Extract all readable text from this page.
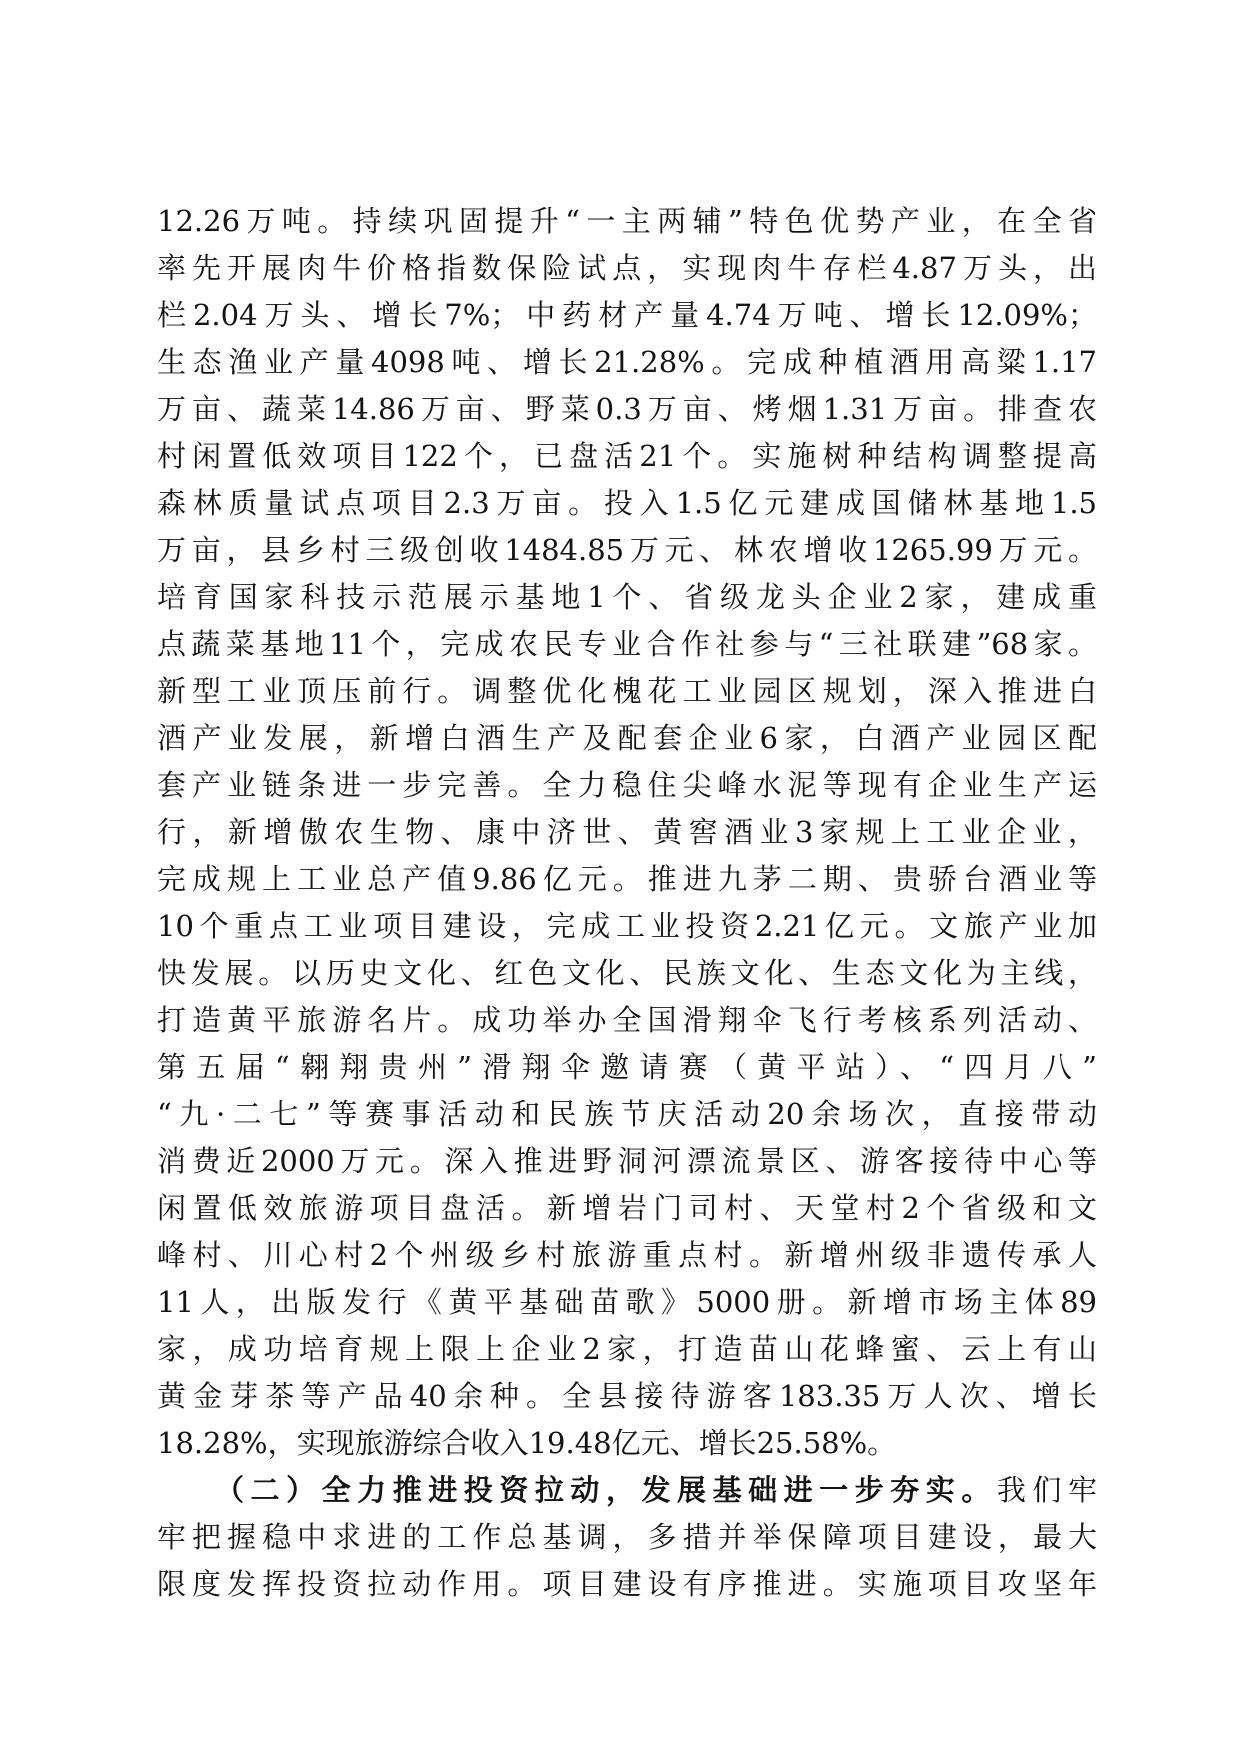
12.26万吨。持续巩固提升“一主两辅”特色优势产业，在全省
率先开展肉牛价格指数保险试点，实现肉牛存栏4.87万头，出
栏2.04万头、增长7%；中药材产量4.74万吨、增长12.09%；
生态渔业产量4098吨、增长21.28%。完成种植酒用高粱1.17
万亩、蔬菜14.86万亩、野菜0.3万亩、烤烟1.31万亩。排查农
村闲置低效项目122个，已盘活21个。实施树种结构调整提高
森林质量试点项目2.3万亩。投入1.5亿元建成国储林基地1.5
万亩，县乡村三级创收1484.85万元、林农增收1265.99万元。
培育国家科技示范展示基地1个、省级龙头企业2家，建成重
点蔬菜基地11个，完成农民专业合作社参与“三社联建”68家。
新型工业顶压前行。调整优化槐花工业园区规划，深入推进白
酒产业发展，新增白酒生产及配套企业6家，白酒产业园区配
套产业链条进一步完善。全力稳住尖峰水泥等现有企业生产运
行，新增傲农生物、康中济世、黄窖酒业3家规上工业企业，
完成规上工业总产值9.86亿元。推进九茅二期、贵骄台酒业等
10个重点工业项目建设，完成工业投资2.21亿元。文旅产业加
快发展。以历史文化、红色文化、民族文化、生态文化为主线，
打造黄平旅游名片。成功举办全国滑翔伞飞行考核系列活动、
第五届“翱翔贵州”滑翔伞邀请赛（黄平站）、“四月八”
“九·二七”等赛事活动和民族节庆活动20余场次，直接带动
消费近2000万元。深入推进野洞河漂流景区、游客接待中心等
闲置低效旅游项目盘活。新增岩门司村、天堂村2个省级和文
峰村、川心村2个州级乡村旅游重点村。新增州级非遗传承人
11人，出版发行《黄平基础苗歌》5000册。新增市场主体89
家，成功培育规上限上企业2家，打造苗山花蜂蜜、云上有山
黄金芽茶等产品40余种。全县接待游客183.35万人次、增长
18.28%，实现旅游综合收入19.48亿元、增长25.58%。
（二）全力推进投资拉动，发展基础进一步夯实。我们牢
牢把握稳中求进的工作总基调，多措并举保障项目建设，最大
限度发挥投资拉动作用。项目建设有序推进。实施项目攻坚年
